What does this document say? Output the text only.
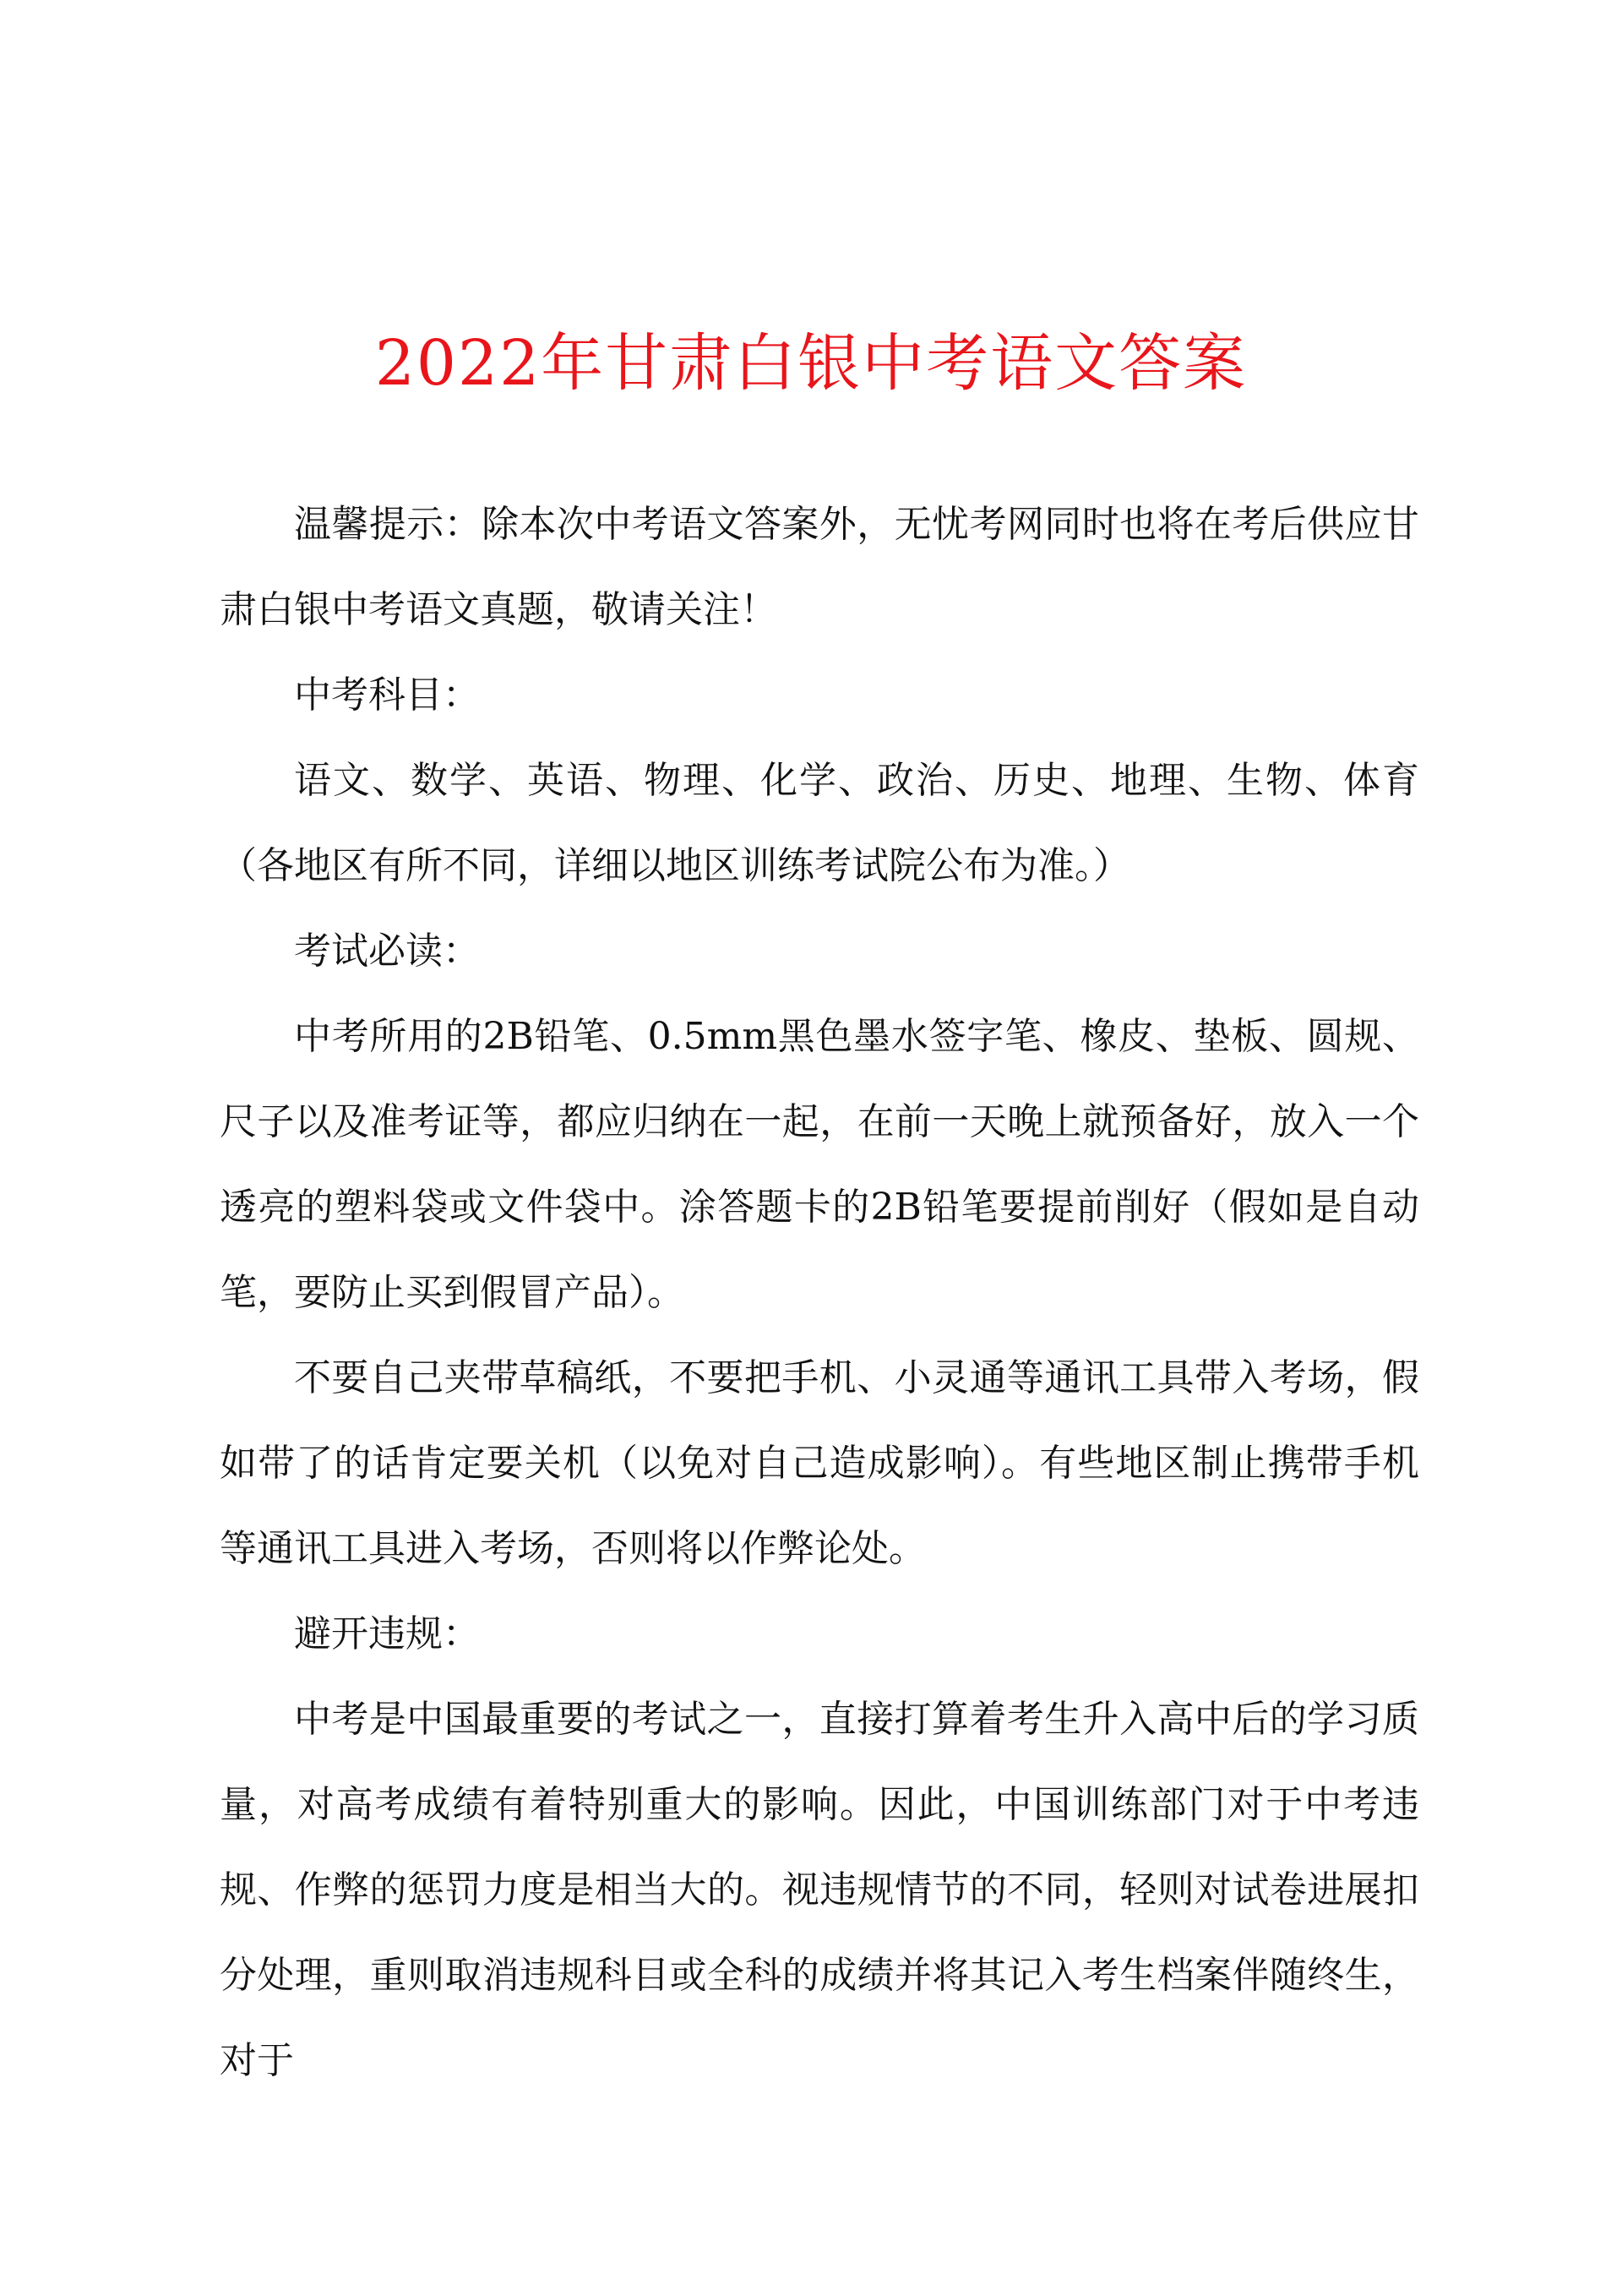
2022年甘肃白银中考语文答案

温馨提示：除本次中考语文答案外，无忧考网同时也将在考后供应甘肃白银中考语文真题，敬请关注！

中考科目：

语文、数学、英语、物理、化学、政治、历史、地理、生物、体育（各地区有所不同，详细以地区训练考试院公布为准。）

考试必读：

中考所用的2B铅笔、0.5mm黑色墨水签字笔、橡皮、垫板、圆规、尺子以及准考证等，都应归纳在一起，在前一天晚上就预备好，放入一个透亮的塑料袋或文件袋中。涂答题卡的2B铅笔要提前削好（假如是自动笔，要防止买到假冒产品）。

不要自己夹带草稿纸，不要把手机、小灵通等通讯工具带入考场，假如带了的话肯定要关机（以免对自己造成影响）。有些地区制止携带手机等通讯工具进入考场，否则将以作弊论处。

避开违规：

中考是中国最重要的考试之一，直接打算着考生升入高中后的学习质量，对高考成绩有着特别重大的影响。因此，中国训练部门对于中考违规、作弊的惩罚力度是相当大的。视违规情节的不同，轻则对试卷进展扣分处理，重则取消违规科目或全科的成绩并将其记入考生档案伴随终生，对于
